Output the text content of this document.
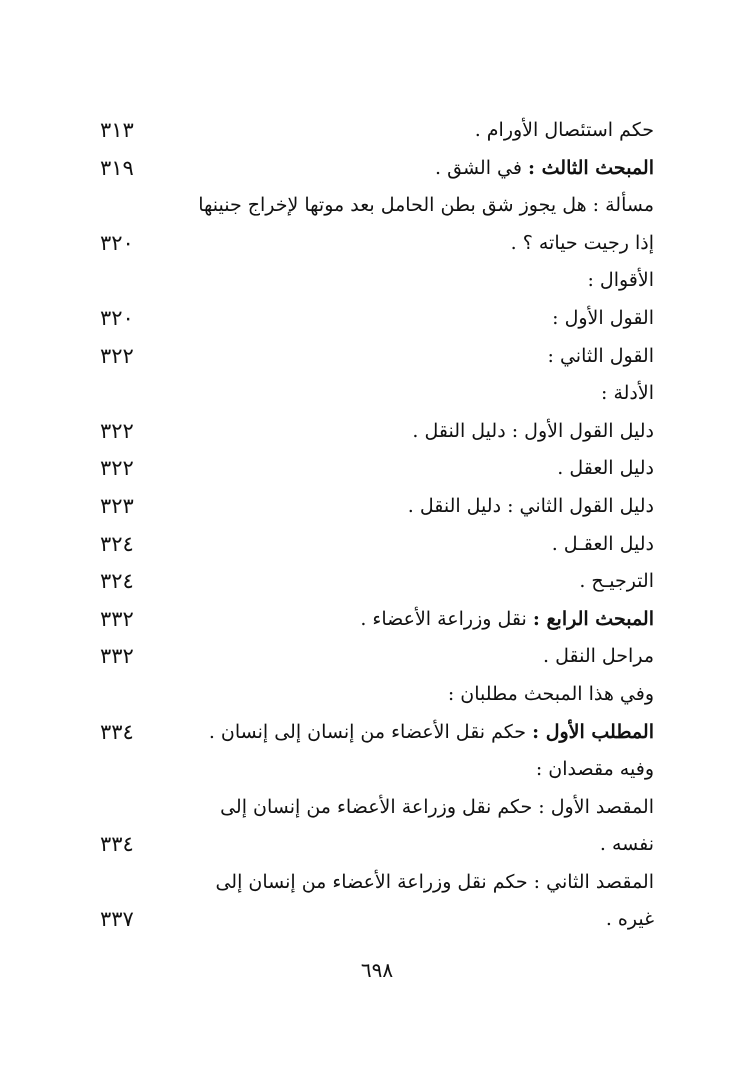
حكم استئصال الأورام .
٣١٣
المبحث الثالث : في الشق .
٣١٩
مسألة : هل يجوز شق بطن الحامل بعد موتها لإخراج جنينها
إذا رجيت حياته ؟ .
٣٢٠
الأقوال :
القول الأول :
٣٢٠
القول الثاني :
٣٢٢
الأدلة :
دليل القول الأول : دليل النقل .
٣٢٢
دليل العقل .
٣٢٢
دليل القول الثاني : دليل النقل .
٣٢٣
دليل العقـل .
٣٢٤
الترجيـح .
٣٢٤
المبحث الرابع : نقل وزراعة الأعضاء .
٣٣٢
مراحل النقل .
٣٣٢
وفي هذا المبحث مطلبان :
المطلب الأول : حكم نقل الأعضاء من إنسان إلى إنسان .
٣٣٤
وفيه مقصدان :
المقصد الأول : حكم نقل وزراعة الأعضاء من إنسان إلى
نفسه .
٣٣٤
المقصد الثاني : حكم نقل وزراعة الأعضاء من إنسان إلى
غيره .
٣٣٧
٦٩٨
